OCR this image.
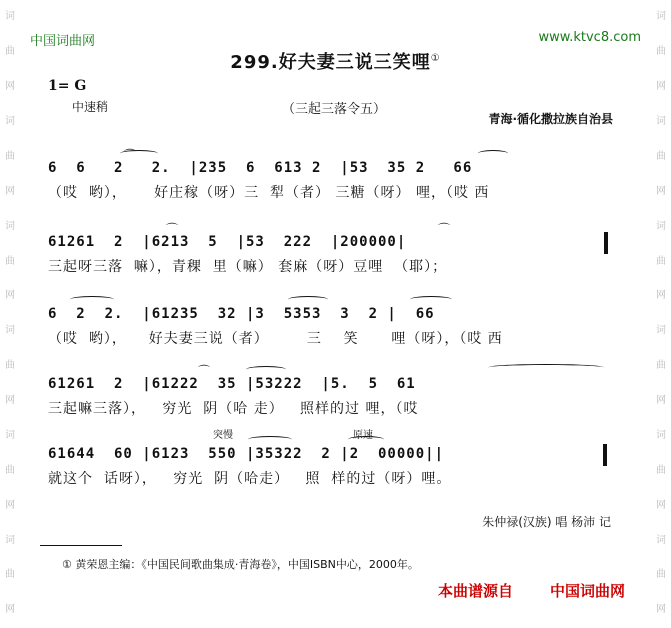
词
曲
网
词
曲
网
词
曲
网
词
曲
网
词
曲
网
词
曲
网
词
曲
网
词
曲
网
词
曲
网
词
曲
网
词
曲
网
词
曲
网
中国词曲网	www.ktvc8.com
299.好夫妻三说三笑哩①
1= G
中速稍	（三起三落令五）
青海·循化撒拉族自治县
6  6   2   2.  |235  6  613 2  |53  35 2   66
（哎  哟），     好庄稼（呀）三  犁（者） 三糖（呀） 哩，（哎 西
⌒
61261  2  |6213  5  |53  222  |200000|
三起呀三落  嘛），青稞  里（嘛） 套麻（呀）豆哩  （耶）；
⌒	⌒
6  2  2.  |61235  32 |3  5353  3  2 |  66
（哎  哟），    好夫妻三说（者）       三    笑      哩（呀），（哎 西
61261  2  |61222  35 |53222  |5.  5  61
三起嘛三落），   穷光  阴（哈 走）   照样的过 哩，（哎
⌒
61644  60 |6123  550 |35322  2 |2  00000||
就这个  话呀），   穷光  阴（哈走）   照  样的过（呀）哩。
突慢	原速
朱仲禄(汉族) 唱 杨沛 记
① 黄荣恩主编：《中国民间歌曲集成·青海卷》，中国ISBN中心，2000年。
本曲谱源自 中国词曲网
